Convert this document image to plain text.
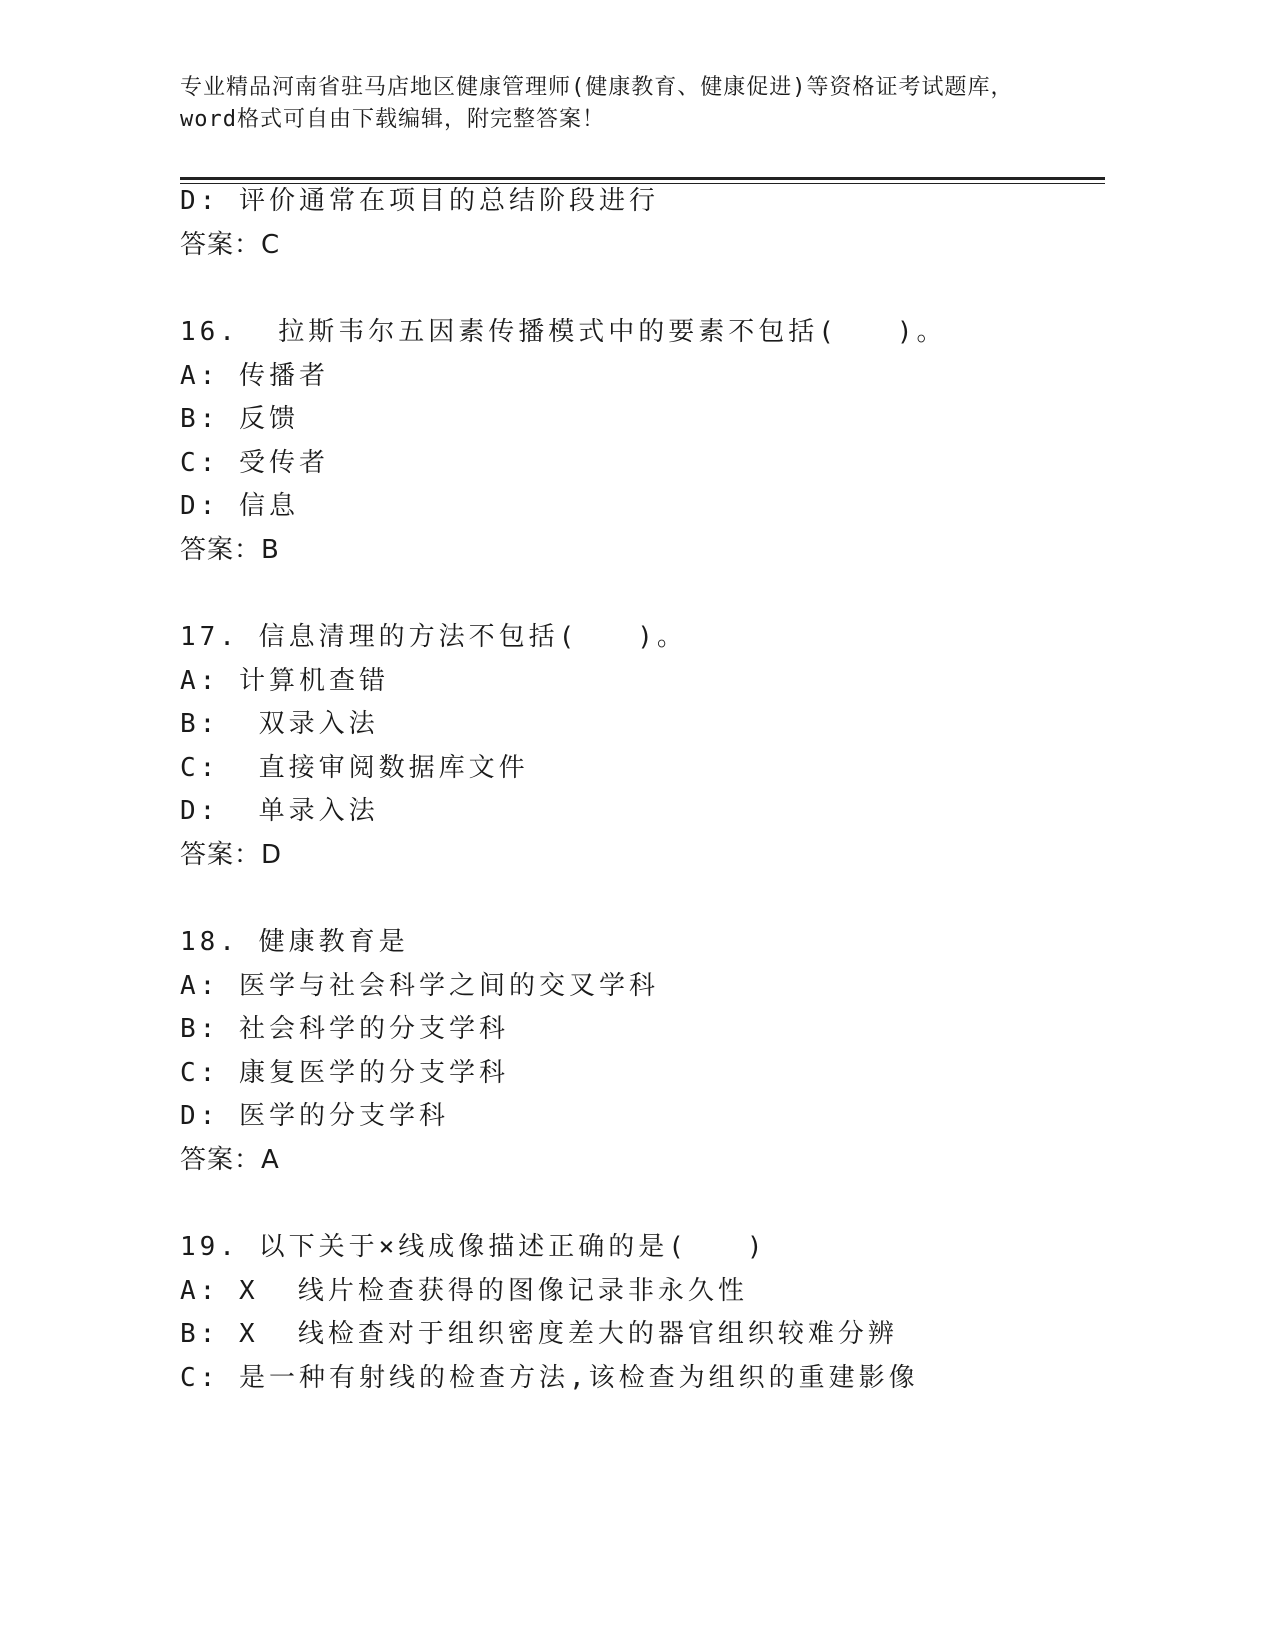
专业精品河南省驻马店地区健康管理师(健康教育、健康促进)等资格证考试题库，
word格式可自由下载编辑，附完整答案！
D: 评价通常在项目的总结阶段进行
答案：C
16.  拉斯韦尔五因素传播模式中的要素不包括(   )。
A: 传播者
B: 反馈
C: 受传者
D: 信息
答案：B
17. 信息清理的方法不包括(   )。
A: 计算机查错
B:  双录入法
C:  直接审阅数据库文件
D:  单录入法
答案：D
18. 健康教育是
A: 医学与社会科学之间的交叉学科
B: 社会科学的分支学科
C: 康复医学的分支学科
D: 医学的分支学科
答案：A
19. 以下关于×线成像描述正确的是(   )
A: X  线片检查获得的图像记录非永久性
B: X  线检查对于组织密度差大的器官组织较难分辨
C: 是一种有射线的检查方法,该检查为组织的重建影像
